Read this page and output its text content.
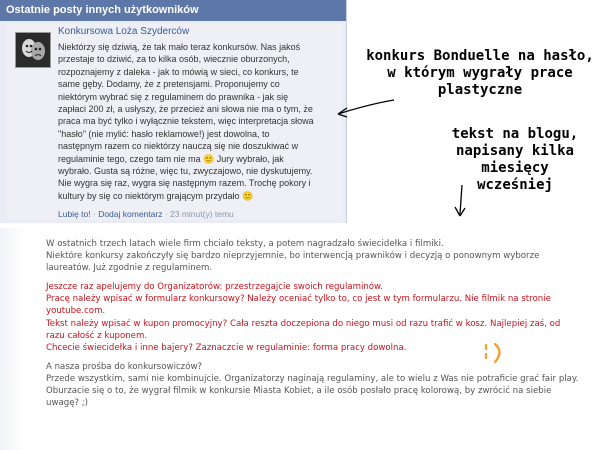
Ostatnie posty innych użytkowników
Konkursowa Loża Szyderców
Niektórzy się dziwią, że tak mało teraz konkursów. Nas jakoś
przestaje to dziwić, za to kilka osób, wiecznie oburzonych,
rozpoznajemy z daleka - jak to mówią w sieci, co konkurs, te
same gęby. Dodamy, że z pretensjami. Proponujemy co
niektórym wybrać się z regulaminem do prawnika - jak się
zapłaci 200 zł, a usłyszy, że przecież ani słowa nie ma o tym, że
praca ma być tylko i wyłącznie tekstem, więc interpretacja słowa
"hasło" (nie mylić: hasło reklamowe!) jest dowolna, to
następnym razem co niektórzy nauczą się nie doszukiwać w
regulaminie tego, czego tam nie ma 🙂 Jury wybrało, jak
wybrało. Gusta są różne, więc tu, zwyczajowo, nie dyskutujemy.
Nie wygra się raz, wygra się następnym razem. Trochę pokory i
kultury by się co niektórym grającym przydało 🙂
Lubię to! · Dodaj komentarz · 23 minut(y) temu
konkurs Bonduelle na hasło,
w którym wygrały prace
plastyczne
tekst na blogu,
napisany kilka
miesięcy
wcześniej

W ostatnich trzech latach wiele firm chciało teksty, a potem nagradzało świecidełka i filmiki.
Niektóre konkursy zakończyły się bardzo nieprzyjemnie, bo interwencją prawników i decyzją o ponownym wyborze
laureatów. Już zgodnie z regulaminem.

Jeszcze raz apelujemy do Organizatorów: przestrzegajcie swoich regulaminów.
Pracę należy wpisać w formularz konkursowy? Należy oceniać tylko to, co jest w tym formularzu. Nie filmik na stronie
youtube.com.
Tekst należy wpisać w kupon promocyjny? Cała reszta doczepiona do niego musi od razu trafić w kosz. Najlepiej zaś, od
razu całość z kuponem.
Chcecie świecidełka i inne bajery? Zaznaczcie w regulaminie: forma pracy dowolna.

A nasza prośba do konkursowiczów?
Przede wszystkim, sami nie kombinujcie. Organizatorzy naginają regulaminy, ale to wielu z Was nie potraficie grać fair play.
Oburzacie się o to, że wygrał filmik w konkursie Miasta Kobiet, a ile osób posłało pracę kolorową, by zwrócić na siebie
uwagę? ;)
